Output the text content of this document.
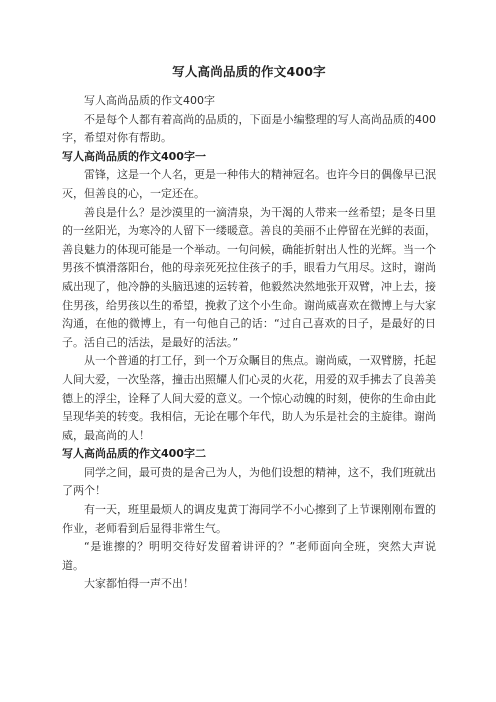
写人高尚品质的作文400字

写人高尚品质的作文400字

不是每个人都有着高尚的品质的，下面是小编整理的写人高尚品质的400字，希望对你有帮助。

写人高尚品质的作文400字一

雷锋，这是一个人名，更是一种伟大的精神冠名。也许今日的偶像早已泯灭，但善良的心，一定还在。

善良是什么？是沙漠里的一滴清泉，为干渴的人带来一丝希望；是冬日里的一丝阳光，为寒冷的人留下一缕暖意。善良的美丽不止停留在光鲜的表面，善良魅力的体现可能是一个举动。一句问候，确能折射出人性的光辉。当一个男孩不慎滑落阳台，他的母亲死死拉住孩子的手，眼看力气用尽。这时，谢尚威出现了，他冷静的头脑迅速的运转着，他毅然决然地张开双臂，冲上去，接住男孩，给男孩以生的希望，挽救了这个小生命。谢尚威喜欢在微博上与大家沟通，在他的微博上，有一句他自己的话：“过自己喜欢的日子，是最好的日子。活自己的活法，是最好的活法。”

从一个普通的打工仔，到一个万众瞩目的焦点。谢尚威，一双臂膀，托起人间大爱，一次坠落，撞击出照耀人们心灵的火花，用爱的双手拂去了良善美德上的浮尘，诠释了人间大爱的意义。一个惊心动魄的时刻，使你的生命由此呈现华美的转变。我相信，无论在哪个年代，助人为乐是社会的主旋律。谢尚威，最高尚的人！

写人高尚品质的作文400字二

同学之间，最可贵的是舍己为人，为他们设想的精神，这不，我们班就出了两个！

有一天，班里最烦人的调皮鬼黄丁海同学不小心擦到了上节课刚刚布置的作业，老师看到后显得非常生气。

“是谁擦的？明明交待好发留着讲评的？”老师面向全班，突然大声说道。

大家都怕得一声不出！
